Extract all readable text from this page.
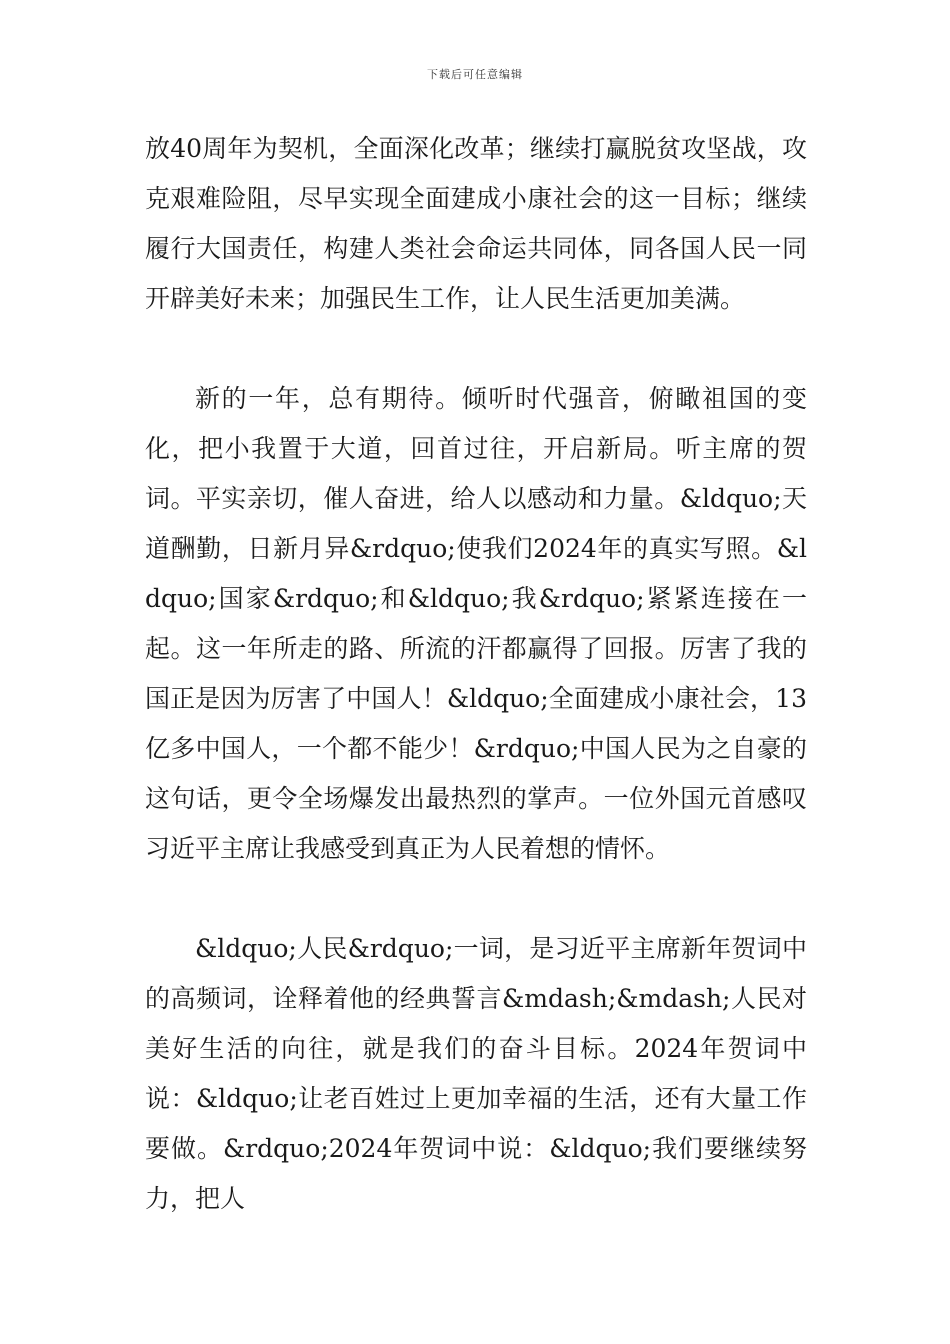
下载后可任意编辑

放40周年为契机，全面深化改革；继续打赢脱贫攻坚战，攻克艰难险阻，尽早实现全面建成小康社会的这一目标；继续履行大国责任，构建人类社会命运共同体，同各国人民一同开辟美好未来；加强民生工作，让人民生活更加美满。

新的一年，总有期待。倾听时代强音，俯瞰祖国的变化，把小我置于大道，回首过往，开启新局。听主席的贺词。平实亲切，催人奋进，给人以感动和力量。&ldquo;天道酬勤，日新月异&rdquo;使我们2024年的真实写照。&ldquo;国家&rdquo;和&ldquo;我&rdquo;紧紧连接在一起。这一年所走的路、所流的汗都赢得了回报。厉害了我的国正是因为厉害了中国人！&ldquo;全面建成小康社会，13亿多中国人，一个都不能少！&rdquo;中国人民为之自豪的这句话，更令全场爆发出最热烈的掌声。一位外国元首感叹习近平主席让我感受到真正为人民着想的情怀。

&ldquo;人民&rdquo;一词，是习近平主席新年贺词中的高频词，诠释着他的经典誓言&mdash;&mdash;人民对美好生活的向往，就是我们的奋斗目标。2024年贺词中说：&ldquo;让老百姓过上更加幸福的生活，还有大量工作要做。&rdquo;2024年贺词中说：&ldquo;我们要继续努力，把人
